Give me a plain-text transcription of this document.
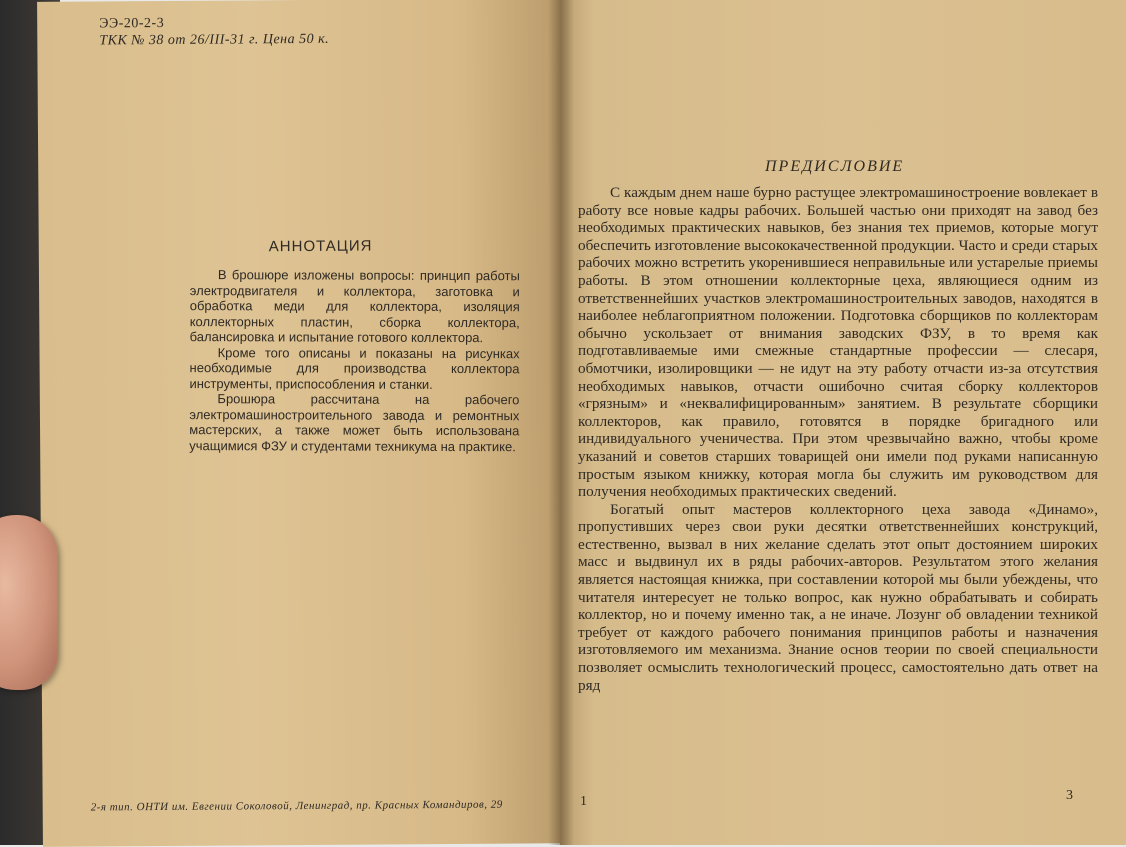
ЭЭ-20-2-3
ТКК № 38 от 26/III-31 г. Цена 50 к.
АННОТАЦИЯ

В брошюре изложены вопросы: принцип работы электродвигателя и коллектора, заготовка и обработка меди для коллектора, изоляция коллекторных пластин, сборка коллектора, балансировка и испытание готового коллектора.

Кроме того описаны и показаны на рисунках необходимые для производства коллектора инструменты, приспособления и станки.

Брошюра рассчитана на рабочего электромашиностроительного завода и ремонтных мастерских, а также может быть использована учащимися ФЗУ и студентами техникума на практике.

2-я тип. ОНТИ им. Евгении Соколовой, Ленинград, пр. Красных Командиров, 29
ПРЕДИСЛОВИЕ

С каждым днем наше бурно растущее электромашиностроение вовлекает в работу все новые кадры рабочих. Большей частью они приходят на завод без необходимых практических навыков, без знания тех приемов, которые могут обеспечить изготовление высококачественной продукции. Часто и среди старых рабочих можно встретить укоренившиеся неправильные или устарелые приемы работы. В этом отношении коллекторные цеха, являющиеся одним из ответственнейших участков электромашиностроительных заводов, находятся в наиболее неблагоприятном положении. Подготовка сборщиков по коллекторам обычно ускользает от внимания заводских ФЗУ, в то время как подготавливаемые ими смежные стандартные профессии — слесаря, обмотчики, изолировщики — не идут на эту работу отчасти из-за отсутствия необходимых навыков, отчасти ошибочно считая сборку коллекторов «грязным» и «неквалифицированным» занятием. В результате сборщики коллекторов, как правило, готовятся в порядке бригадного или индивидуального ученичества. При этом чрезвычайно важно, чтобы кроме указаний и советов старших товарищей они имели под руками написанную простым языком книжку, которая могла бы служить им руководством для получения необходимых практических сведений.

Богатый опыт мастеров коллекторного цеха завода «Динамо», пропустивших через свои руки десятки ответственнейших конструкций, естественно, вызвал в них желание сделать этот опыт достоянием широких масс и выдвинул их в ряды рабочих-авторов. Результатом этого желания является настоящая книжка, при составлении которой мы были убеждены, что читателя интересует не только вопрос, как нужно обрабатывать и собирать коллектор, но и почему именно так, а не иначе. Лозунг об овладении техникой требует от каждого рабочего понимания принципов работы и назначения изготовляемого им механизма. Знание основ теории по своей специальности позволяет осмыслить технологический процесс, самостоятельно дать ответ на ряд

3
1
